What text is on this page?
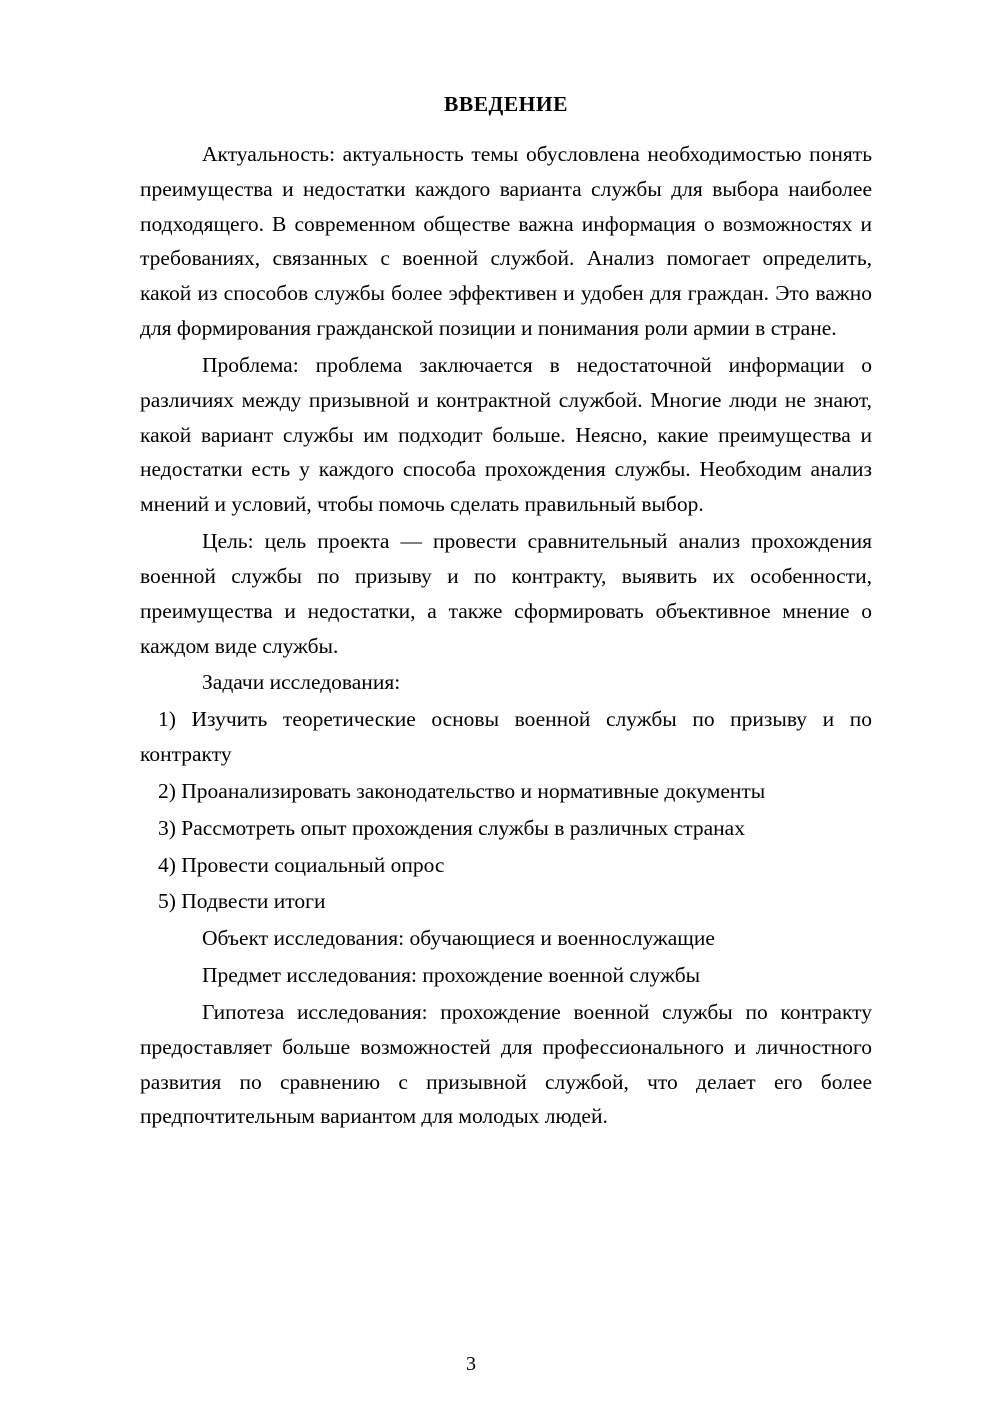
ВВЕДЕНИЕ

Актуальность: актуальность темы обусловлена необходимостью понять преимущества и недостатки каждого варианта службы для выбора наиболее подходящего. В современном обществе важна информация о возможностях и требованиях, связанных с военной службой. Анализ помогает определить, какой из способов службы более эффективен и удобен для граждан. Это важно для формирования гражданской позиции и понимания роли армии в стране.

Проблема: проблема заключается в недостаточной информации о различиях между призывной и контрактной службой. Многие люди не знают, какой вариант службы им подходит больше. Неясно, какие преимущества и недостатки есть у каждого способа прохождения службы. Необходим анализ мнений и условий, чтобы помочь сделать правильный выбор.

Цель: цель проекта — провести сравнительный анализ прохождения военной службы по призыву и по контракту, выявить их особенности, преимущества и недостатки, а также сформировать объективное мнение о каждом виде службы.

Задачи исследования:

1) Изучить теоретические основы военной службы по призыву и по контракту

2) Проанализировать законодательство и нормативные документы

3) Рассмотреть опыт прохождения службы в различных странах

4) Провести социальный опрос

5) Подвести итоги

Объект исследования: обучающиеся и военнослужащие

Предмет исследования: прохождение военной службы

Гипотеза исследования: прохождение военной службы по контракту предоставляет больше возможностей для профессионального и личностного развития по сравнению с призывной службой, что делает его более предпочтительным вариантом для молодых людей.

3
